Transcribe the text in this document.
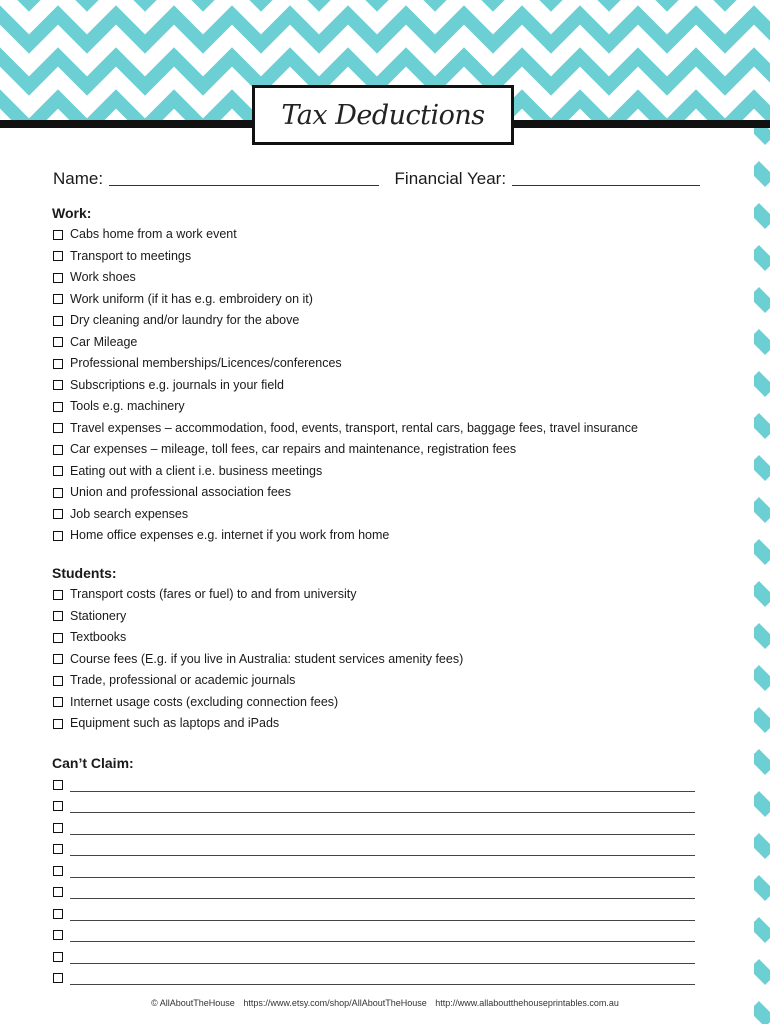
Tax Deductions
Name:	Financial Year:
Work:
Cabs home from a work event
Transport to meetings
Work shoes
Work uniform (if it has e.g. embroidery on it)
Dry cleaning and/or laundry for the above
Car Mileage
Professional memberships/Licences/conferences
Subscriptions e.g. journals in your field
Tools e.g. machinery
Travel expenses – accommodation, food, events, transport, rental cars, baggage fees, travel insurance
Car expenses – mileage, toll fees, car repairs and maintenance, registration fees
Eating out with a client i.e. business meetings
Union and professional association fees
Job search expenses
Home office expenses e.g. internet if you work from home
Students:
Transport costs (fares or fuel) to and from university
Stationery
Textbooks
Course fees (E.g. if you live in Australia: student services amenity fees)
Trade, professional or academic journals
Internet usage costs (excluding connection fees)
Equipment such as laptops and iPads
Can’t Claim:
© AllAboutTheHouse https://www.etsy.com/shop/AllAboutTheHouse http://www.allaboutthehouseprintables.com.au
